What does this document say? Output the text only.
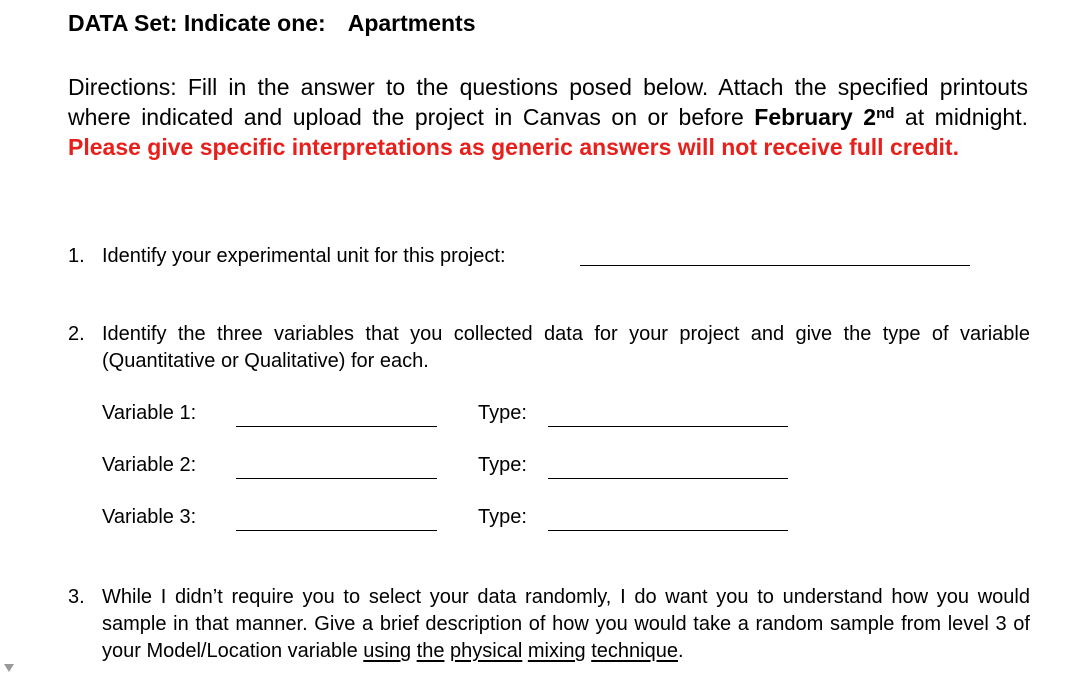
DATA Set: Indicate one: Apartments
Directions: Fill in the answer to the questions posed below. Attach the specified printouts where indicated and upload the project in Canvas on or before February 2nd at midnight. Please give specific interpretations as generic answers will not receive full credit.
1. Identify your experimental unit for this project:
2. Identify the three variables that you collected data for your project and give the type of variable (Quantitative or Qualitative) for each.
Variable 1:	Type:
Variable 2:	Type:
Variable 3:	Type:
3. While I didn’t require you to select your data randomly, I do want you to understand how you would sample in that manner. Give a brief description of how you would take a random sample from level 3 of your Model/Location variable using the physical mixing technique.
